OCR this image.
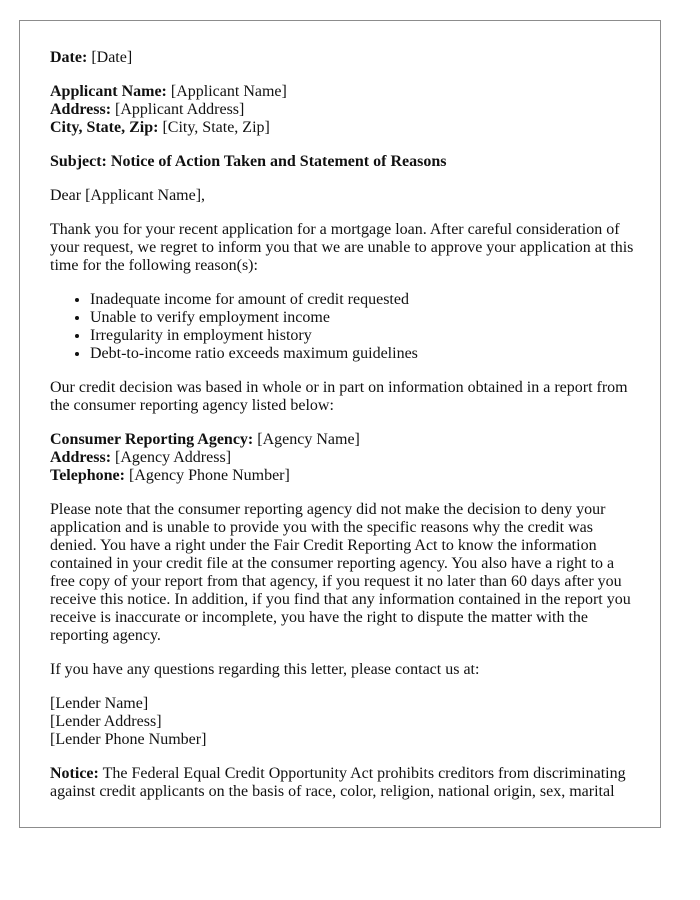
Date: [Date]
Applicant Name: [Applicant Name]
Address: [Applicant Address]
City, State, Zip: [City, State, Zip]
Subject: Notice of Action Taken and Statement of Reasons

Dear [Applicant Name],

Thank you for your recent application for a mortgage loan. After careful consideration of
your request, we regret to inform you that we are unable to approve your application at this
time for the following reason(s):

• Inadequate income for amount of credit requested
• Unable to verify employment income
• Irregularity in employment history
• Debt-to-income ratio exceeds maximum guidelines

Our credit decision was based in whole or in part on information obtained in a report from
the consumer reporting agency listed below:

Consumer Reporting Agency: [Agency Name]
Address: [Agency Address]
Telephone: [Agency Phone Number]

Please note that the consumer reporting agency did not make the decision to deny your
application and is unable to provide you with the specific reasons why the credit was
denied. You have a right under the Fair Credit Reporting Act to know the information
contained in your credit file at the consumer reporting agency. You also have a right to a
free copy of your report from that agency, if you request it no later than 60 days after you
receive this notice. In addition, if you find that any information contained in the report you
receive is inaccurate or incomplete, you have the right to dispute the matter with the
reporting agency.

If you have any questions regarding this letter, please contact us at:

[Lender Name]
[Lender Address]
[Lender Phone Number]

Notice: The Federal Equal Credit Opportunity Act prohibits creditors from discriminating
against credit applicants on the basis of race, color, religion, national origin, sex, marital
